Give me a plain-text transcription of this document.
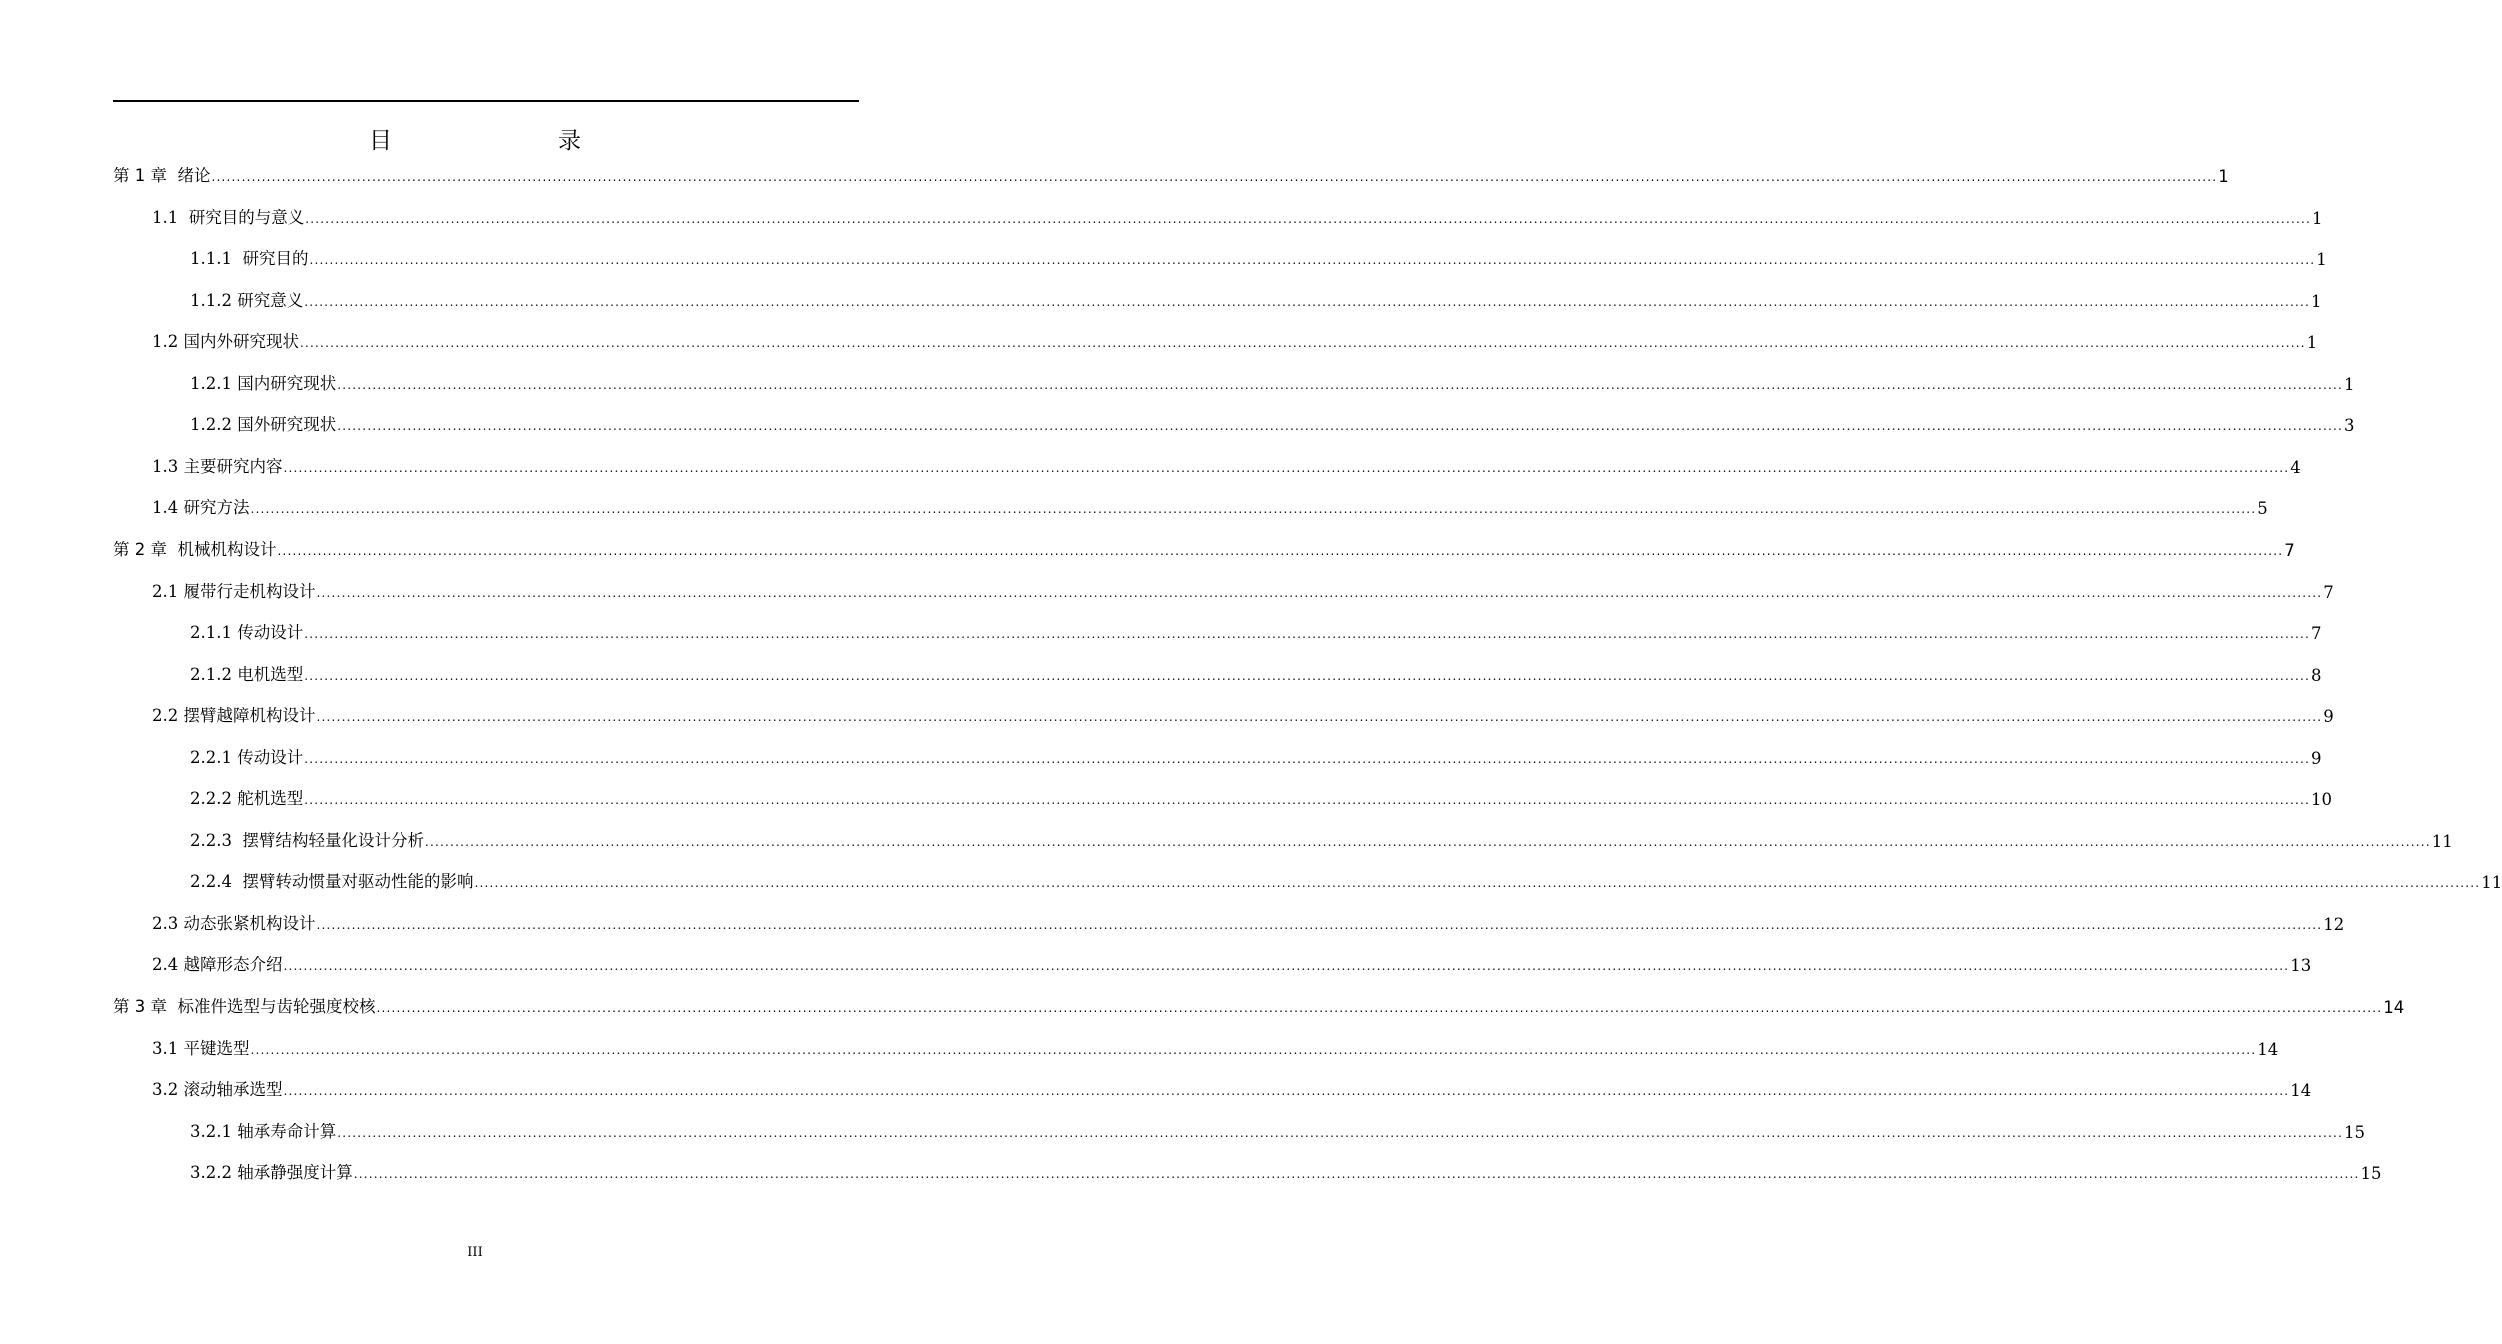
目　　录
第 1 章  绪论 ................................................................................................................................................................................................................................................................................................................................................................................................................ 1
1.1  研究目的与意义 ................................................................................................................................................................................................................................................................................................................................................................................................................ 1
1.1.1  研究目的 ................................................................................................................................................................................................................................................................................................................................................................................................................ 1
1.1.2 研究意义 ................................................................................................................................................................................................................................................................................................................................................................................................................ 1
1.2 国内外研究现状 ................................................................................................................................................................................................................................................................................................................................................................................................................ 1
1.2.1 国内研究现状 ................................................................................................................................................................................................................................................................................................................................................................................................................ 1
1.2.2 国外研究现状 ................................................................................................................................................................................................................................................................................................................................................................................................................ 3
1.3 主要研究内容 ................................................................................................................................................................................................................................................................................................................................................................................................................ 4
1.4 研究方法 ................................................................................................................................................................................................................................................................................................................................................................................................................ 5
第 2 章  机械机构设计 ................................................................................................................................................................................................................................................................................................................................................................................................................ 7
2.1 履带行走机构设计 ................................................................................................................................................................................................................................................................................................................................................................................................................ 7
2.1.1 传动设计 ................................................................................................................................................................................................................................................................................................................................................................................................................ 7
2.1.2 电机选型 ................................................................................................................................................................................................................................................................................................................................................................................................................ 8
2.2 摆臂越障机构设计 ................................................................................................................................................................................................................................................................................................................................................................................................................ 9
2.2.1 传动设计 ................................................................................................................................................................................................................................................................................................................................................................................................................ 9
2.2.2 舵机选型 ................................................................................................................................................................................................................................................................................................................................................................................................................ 10
2.2.3  摆臂结构轻量化设计分析 ................................................................................................................................................................................................................................................................................................................................................................................................................ 11
2.2.4  摆臂转动惯量对驱动性能的影响 ................................................................................................................................................................................................................................................................................................................................................................................................................ 11
2.3 动态张紧机构设计 ................................................................................................................................................................................................................................................................................................................................................................................................................ 12
2.4 越障形态介绍 ................................................................................................................................................................................................................................................................................................................................................................................................................ 13
第 3 章  标准件选型与齿轮强度校核 ................................................................................................................................................................................................................................................................................................................................................................................................................ 14
3.1 平键选型 ................................................................................................................................................................................................................................................................................................................................................................................................................ 14
3.2 滚动轴承选型 ................................................................................................................................................................................................................................................................................................................................................................................................................ 14
3.2.1 轴承寿命计算 ................................................................................................................................................................................................................................................................................................................................................................................................................ 15
3.2.2 轴承静强度计算 ................................................................................................................................................................................................................................................................................................................................................................................................................ 15
III
